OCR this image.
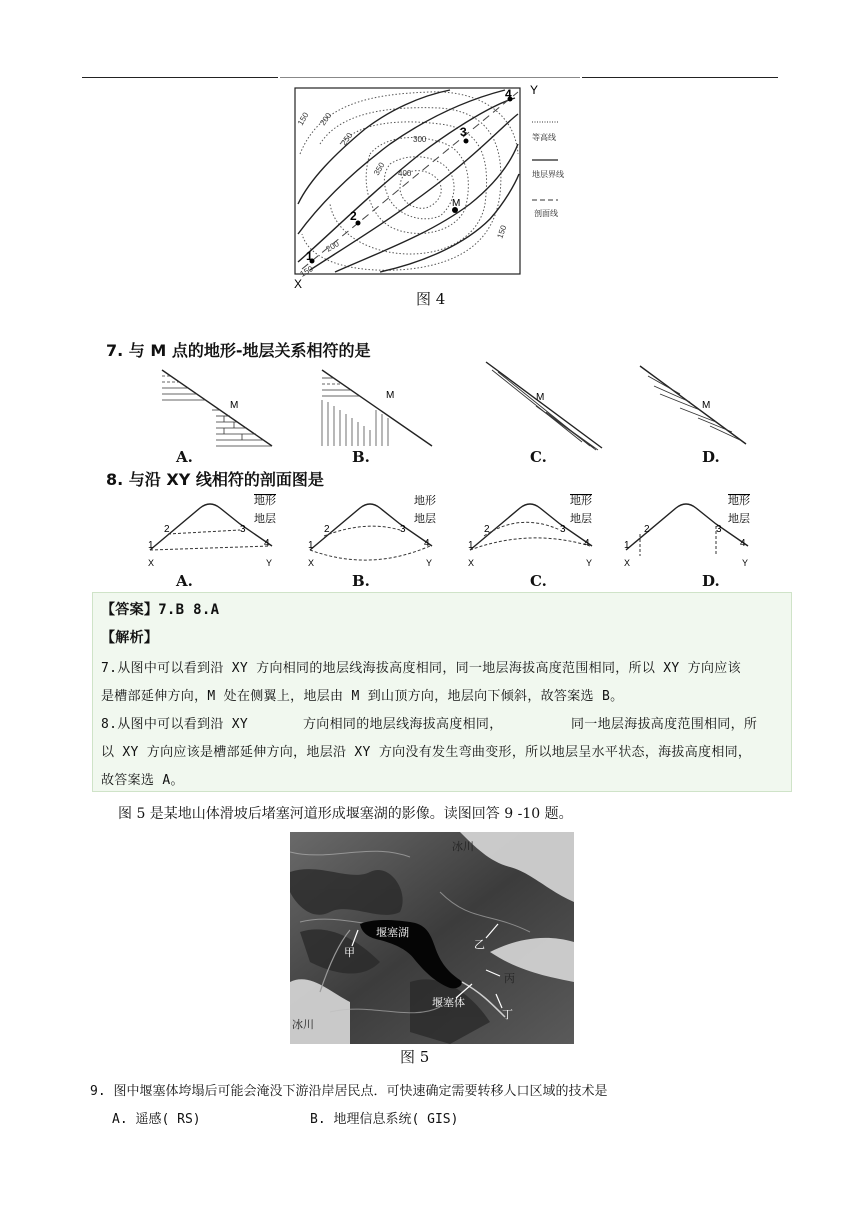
1
2
3
4
M
X
Y
150 200
250	300
350 400
200
150
150
等高线
地层界线
剖面线
图 4
7. 与 M 点的地形-地层关系相符的是
M
M	M
M
A.	B.	C.	D.
8. 与沿 XY 线相符的剖面图是
1
2	3
4
X	Y
地形
地层
1
2	3
4
X	Y
地形
地层
1
2	3
4
X	Y
地形
地层
1
2	3
4
X	Y
地形
地层
A.	B.	C.	D.
【答案】7.B 8.A
【解析】
7.从图中可以看到沿 XY 方向相同的地层线海拔高度相同，同一地层海拔高度范围相同，所以 XY 方向应该
是槽部延伸方向，M 处在侧翼上，地层由 M 到山顶方向，地层向下倾斜，故答案选 B。
8.从图中可以看到沿 XY	方向相同的地层线海拔高度相同，	同一地层海拔高度范围相同，所
以 XY 方向应该是槽部延伸方向，地层沿 XY 方向没有发生弯曲变形，所以地层呈水平状态，海拔高度相同，
故答案选 A。
图 5 是某地山体滑坡后堵塞河道形成堰塞湖的影像。读图回答 9 -10 题。
冰川
堰塞湖
甲
乙
丙
堰塞体
丁
冰川
图 5
9. 图中堰塞体垮塌后可能会淹没下游沿岸居民点．可快速确定需要转移人口区域的技术是
A. 遥感( RS)	B. 地理信息系统( GIS)
